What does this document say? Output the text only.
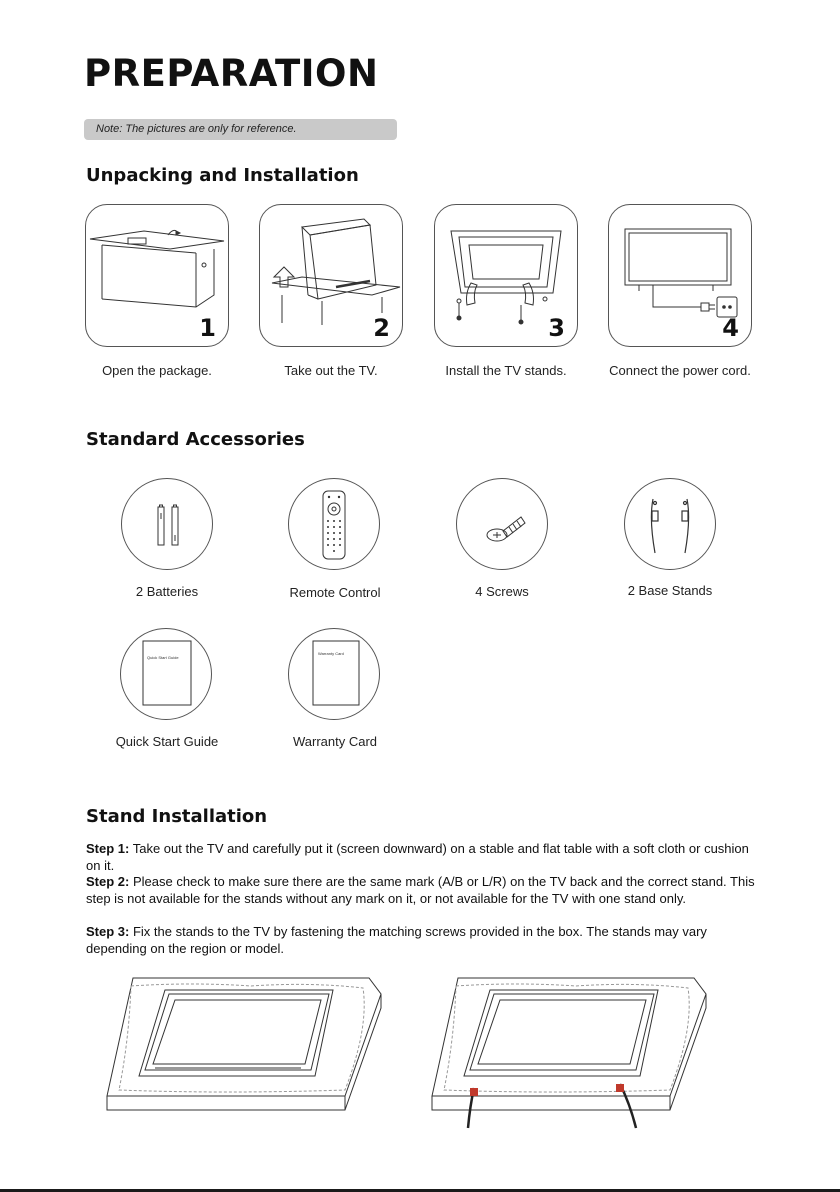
PREPARATION
Note: The pictures are only for reference.
Unpacking and Installation
1	2	3	4
Open the package.	Take out the TV.	Install the TV stands.	Connect the power cord.
Standard Accessories
2 Batteries	Remote Control	4 Screws	2 Base Stands
Quick Start Guide
Warranty Card
Quick Start Guide	Warranty Card
Stand Installation

Step 1: Take out the TV and carefully put it (screen downward) on a stable and flat table with a soft cloth or cushion on it.

Step 2: Please check to make sure there are the same mark (A/B or L/R) on the TV back and the correct stand. This step is not available for the stands without any mark on it, or not available for the TV with one stand only.

Step 3: Fix the stands to the TV by fastening the matching screws provided in the box. The stands may vary depending on the region or model.
